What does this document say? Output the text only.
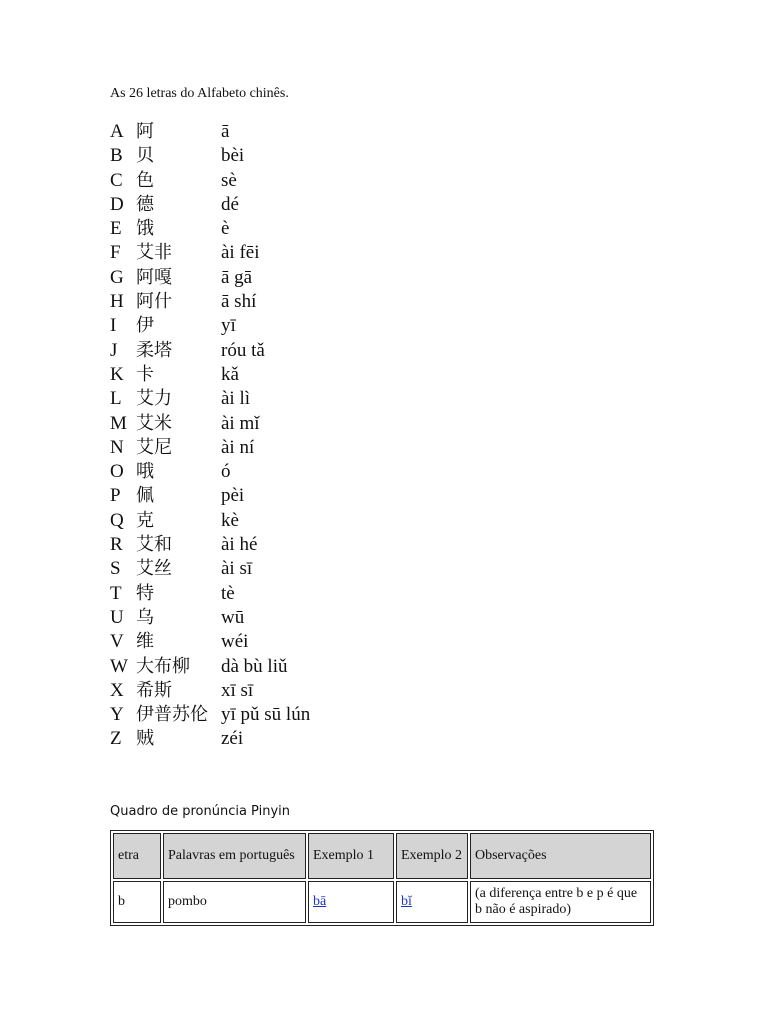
As 26 letras do Alfabeto chinês.
A 阿	ā
B 贝	bèi
C 色	sè
D 德	dé
E 饿	è
F 艾非	ài fēi
G 阿嘎	ā gā
H 阿什	ā shí
I	伊	yī
J	柔塔	róu tǎ
K 卡	kǎ
L 艾力	ài lì
M 艾米	ài mǐ
N 艾尼	ài ní
O 哦	ó
P 佩	pèi
Q 克	kè
R 艾和	ài hé
S 艾丝	ài sī
T 特	tè
U 乌	wū
V 维	wéi
W 大布柳	dà bù liǔ
X 希斯	xī sī
Y 伊普苏伦 yī pǔ sū lún
Z 贼	zéi
Quadro de pronúncia Pinyin
etra	Palavras em português	Exemplo 1	Exemplo 2	Observações
b	pombo	bā	bǐ	(a diferença entre b e p é que b não é aspirado)
